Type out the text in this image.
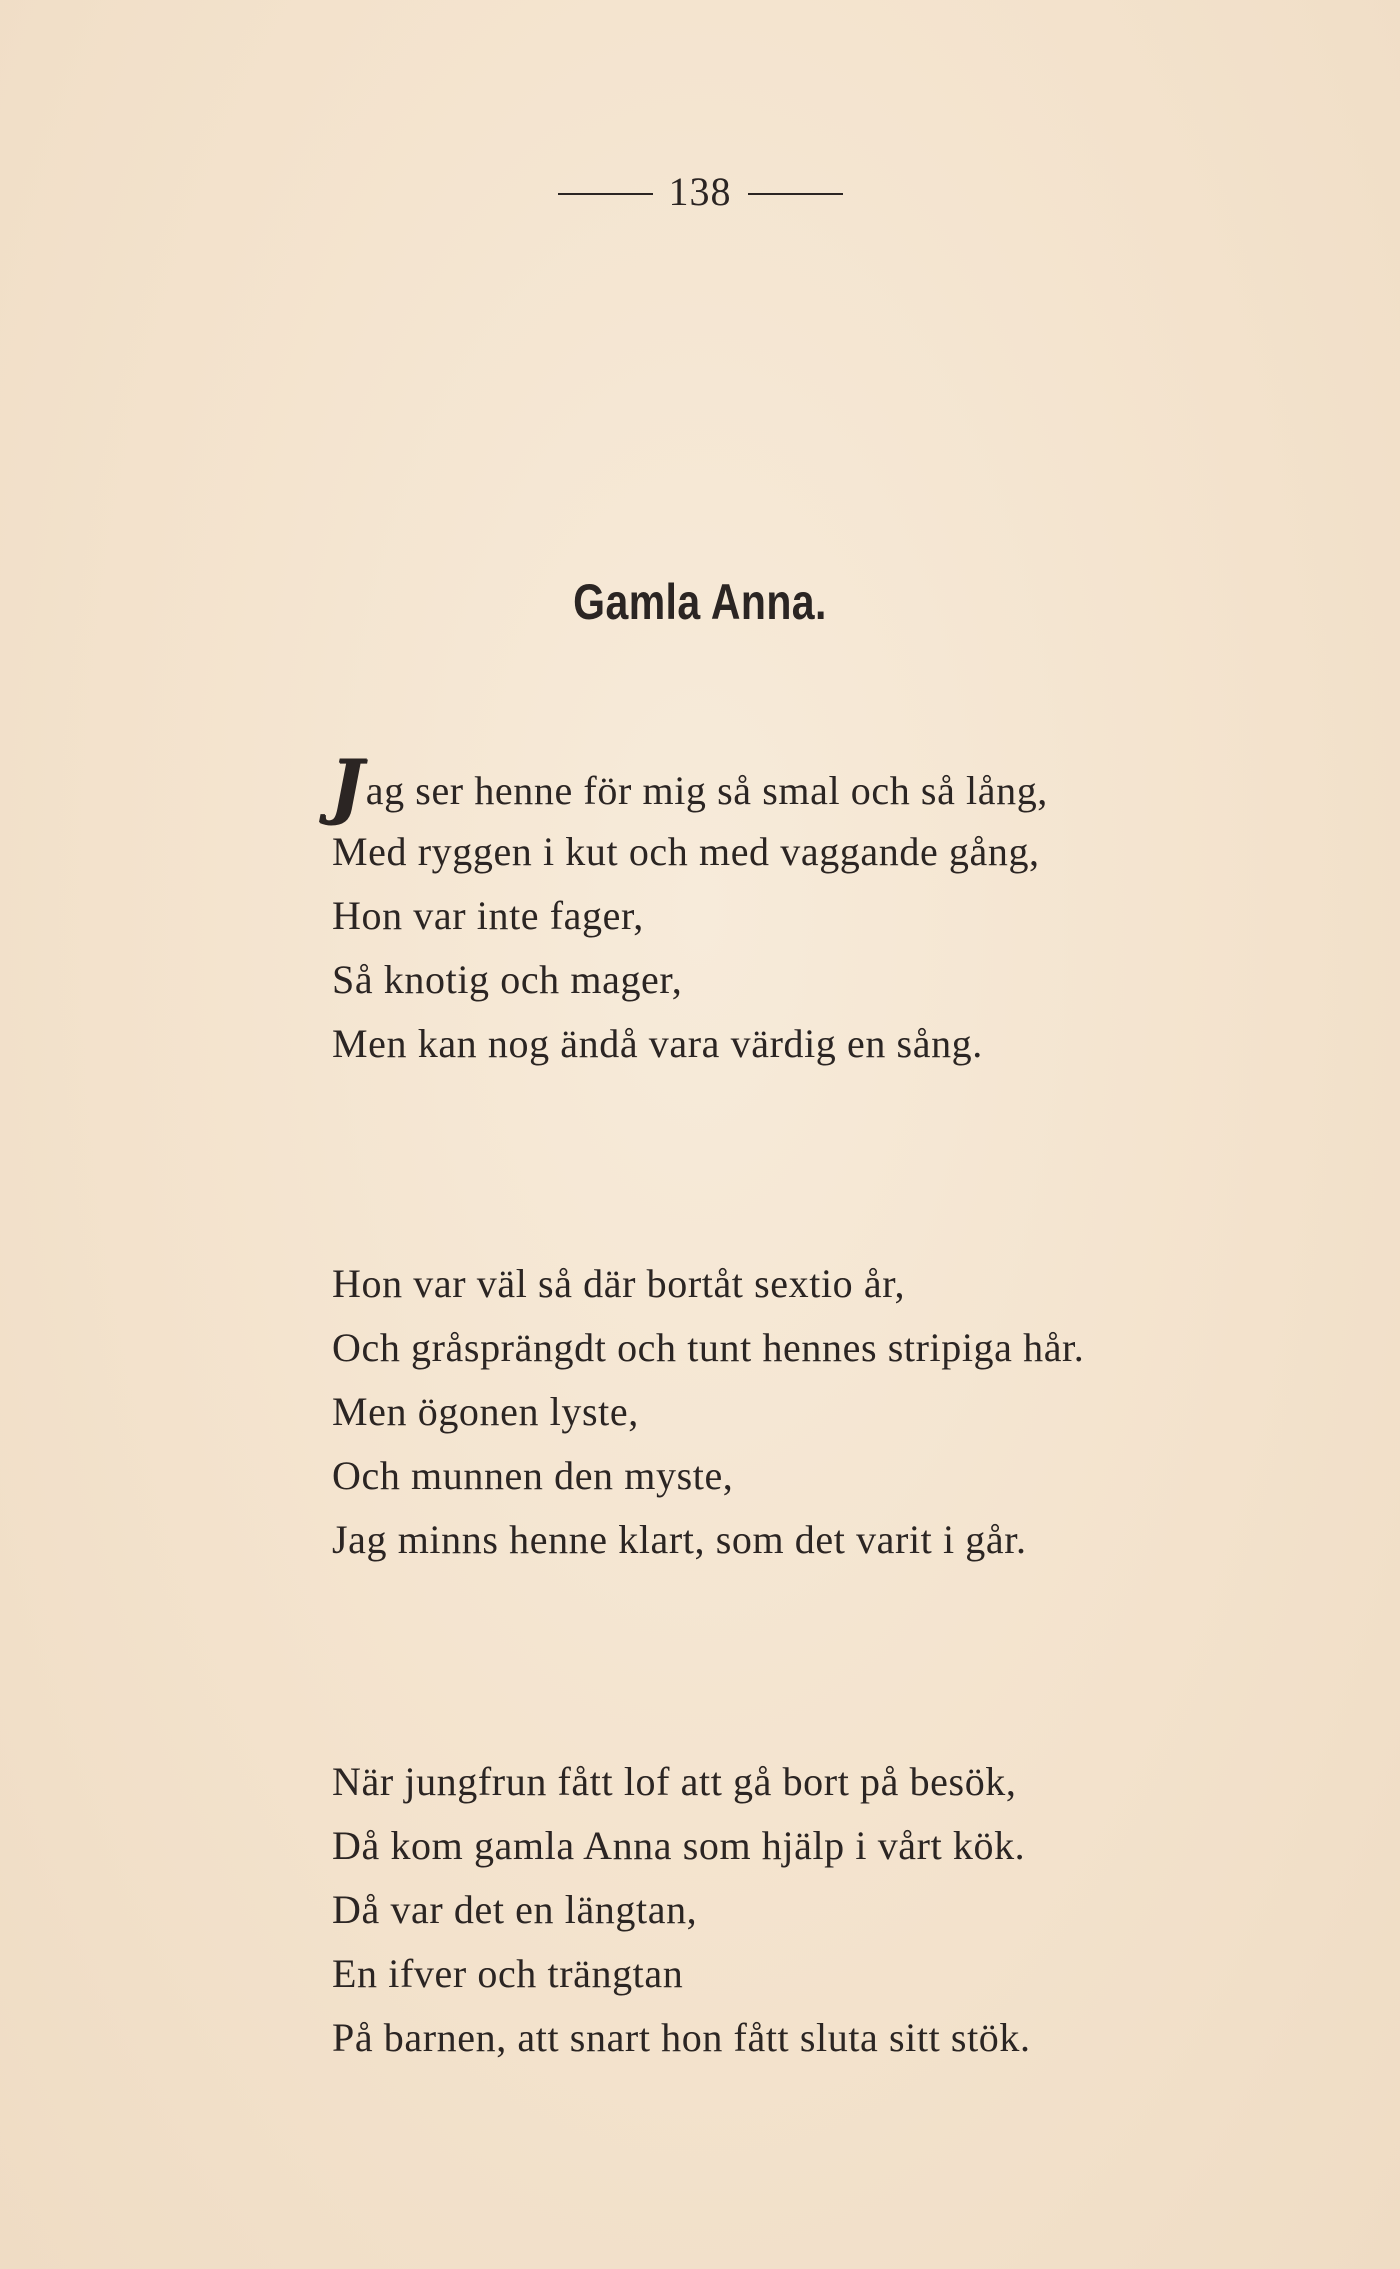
138
Gamla Anna.
Jag ser henne för mig så smal och så lång,
Med ryggen i kut och med vaggande gång,
Hon var inte fager,
Så knotig och mager,
Men kan nog ändå vara värdig en sång.
Hon var väl så där bortåt sextio år,
Och gråsprängdt och tunt hennes stripiga hår.
Men ögonen lyste,
Och munnen den myste,
Jag minns henne klart, som det varit i går.
När jungfrun fått lof att gå bort på besök,
Då kom gamla Anna som hjälp i vårt kök.
Då var det en längtan,
En ifver och trängtan
På barnen, att snart hon fått sluta sitt stök.
